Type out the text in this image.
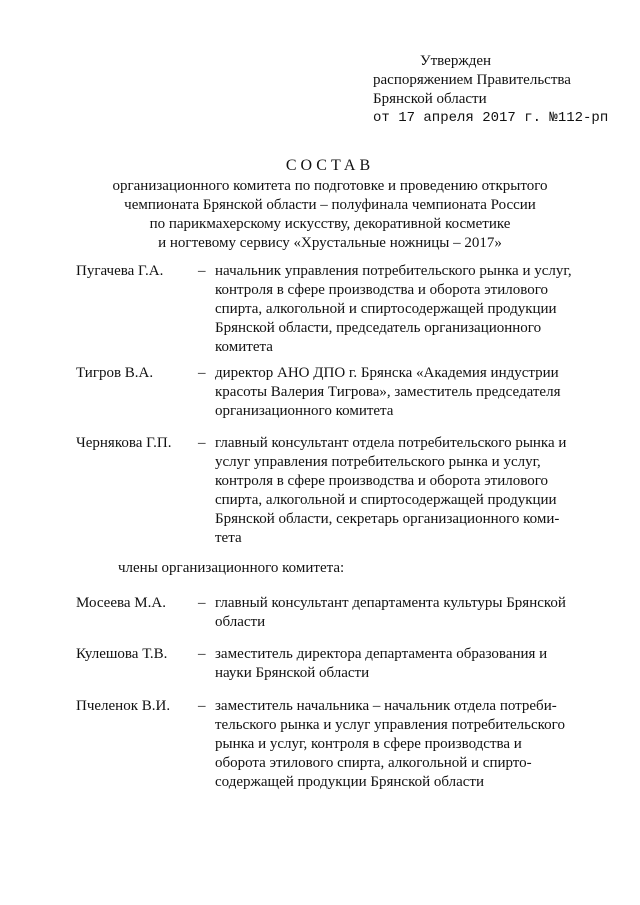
Утвержден
распоряжением Правительства
Брянской области
от 17 апреля 2017 г. №112-рп
СОСТАВ
организационного комитета по подготовке и проведению открытого
чемпионата Брянской области – полуфинала чемпионата России
по парикмахерскому искусству, декоративной косметике
и ногтевому сервису «Хрустальные ножницы – 2017»
Пугачева Г.А. – начальник управления потребительского рынка и услуг,
контроля в сфере производства и оборота этилового
спирта, алкогольной и спиртосодержащей продукции
Брянской области, председатель организационного
комитета
Тигров В.А.	– директор АНО ДПО г. Брянска «Академия индустрии
красоты Валерия Тигрова», заместитель председателя
организационного комитета
Чернякова Г.П. – главный консультант отдела потребительского рынка и
услуг управления потребительского рынка и услуг,
контроля в сфере производства и оборота этилового
спирта, алкогольной и спиртосодержащей продукции
Брянской области, секретарь организационного коми-
тета
члены организационного комитета:
Мосеева М.А. – главный консультант департамента культуры Брянской
области
Кулешова Т.В. – заместитель директора департамента образования и
науки Брянской области
Пчеленок В.И. – заместитель начальника – начальник отдела потреби-
тельского рынка и услуг управления потребительского
рынка и услуг, контроля в сфере производства и
оборота этилового спирта, алкогольной и спирто-
содержащей продукции Брянской области
